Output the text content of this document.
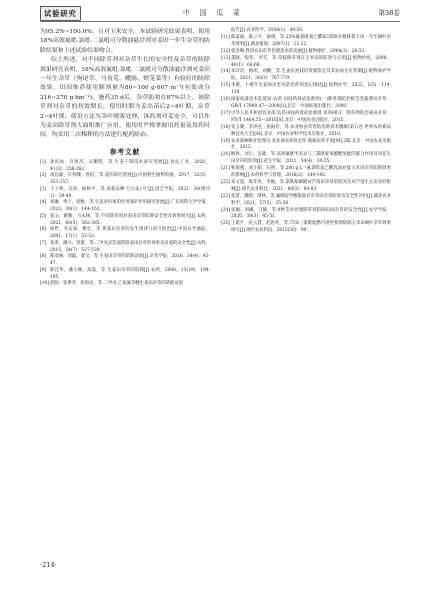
试验研究	中 国 瓜 菜	第38卷

为95.2%~100.0%，且对玉米安全。本试验研究结果表明，使用18%高效氟吡·氯吡·二氯吡可分散油悬浮剂对姜田一年生杂草的防除结果和上述试验结果吻合。

综上所述，对不同除草剂对杂草生长的安全性及杂草的防除效果研究表明，18%高效氟吡·氯吡·二氯吡可分散油悬浮剂对姜田一年生杂草（狗尾草、马齿苋、鳢肠、野苋菜等）有较好的防除效果，田间推荐使用制剂量为80~100 g·667 m⁻²(有效成分216~270 g·hm⁻²)。施药35 d后，杂草防效在87%以上，该除草剂对杂草的持效期长，使用时期为姜出苗后2~4叶期、杂草2~4叶期。使用方法为茎叶喷雾处理，该药剂对姜安全，可以作为姜田除草剂大面积推广应用，使用时严格掌握用药量及用药时间，均采用二次稀释的方法进行配药防治。

参考文献
[1] 孙滨如，宫致杰，宋鹏程，等.生姜干制技术研究进展[J].食品工业，2020，41(3)：258-262.
[2] 项信毅，许利珊，曾伯，等.姜的研究进展[J].中国野生植物资源，2017，32(5)：353-357.
[3] 王子桥，吴国，杨秋平，等.姜新品种'天白姜1号'[J].园艺学报，2021，30(增刊1)：39-40.
[4] 刘琳，黄宁，徐雅，等.生姜对机体的作用保护作用研究进展[J].广东药科大学学报，2023，39(1)：144-152.
[5] 张文，谢顺，马永林，等.不同除草剂对姜田杂草防除安全性及效果研究[J].农药，2021，60(5)：382-385.
[6] 杨哲，李安泰，曹宏，等.黄姜田杂草的发生规律与综合防治[J].中国农学通报，2001，17(1)：52-53.
[7] 张勇，潘兴，曾建，等.二甲戊灵乳油防除姜田杂草的效果及对姜的安全性[J].农药，2015，54(7)：537-539.
[8] 陈彦丽，刘聪，秦宝，等.生姜田杂草的防除试验[J].杂草学报，2016，34(4)：43-47.
[9] 陈佳华，潘小刚，高磊，等.生姜田杂草的防除[J].农药，2006，13(19)：194-195.
[10] 赵阳，张斯华，张海龙，等.二甲戊·乙氧氟草醚生姜田杂草的防除试验
报告[J].农业科学，2004(1)：48-50.
[11] 陈家丽，陈立平，薛俊，等.25%氟氯吡氧乙酸EC防除水稻移栽大田一年生阔叶杂草效果[J].湖北植保，2007(1)：21-22.
[12] 张泽琳.我国农田杂草治理技术的发展[J].植物保护，2004(2)：28-33.
[13] 董晓，程伟，李雪，等.草胺除草剂在玉米田的防效与应用[J].植物检疫，2008，40(1)：66-68.
[14] 朱玲玲，梅鸿，刘腾，等.生姜抗逆栽培资源鉴定及其抗病生化机制[J].植物保护学报，2021，30(3)：767-779.
[15] 李敬，卜惠年生姜病虫害及防治药剂登记现状[J].植物医学，2022，1(5)：114-119.
[16] 国家质量技术监督局.农药 田间药效试验准则(一)除草剂防治根茎类蔬菜田杂草：GB/T 17980.47—2000[S].北京：中国标准出版社，2000.
[17] 中华人民共和国农业部.农药田间药效试验准则 第39部分：除草剂防治姜田杂草：NY/T 1464.55—2016[S].北京：中国农业出版社，2015.
[18] 张玉聚，李洪连，张振臣，等.农业病虫草害防治新技术精解(第五卷 世界农药新品种技术大全)[M].北京：中国农业科学技术出版社，2010.
[19] 农业部种植业管理司.农业部农药检定所.新编农药手册[M].2版.北京：中国农业出版社，2015.
[20] 顾春，刘小，吴隆，等.高效氟吡甲禾灵与三氯吡啶氧醋酸复配的联合作用及对花生田杂草的防效[J].花生学报，2021，50(4)：30-35.
[21] 靳海燕，刘小阳，石照，等.200 g·L⁻¹氟氯吡氧乙酸乳油对夏玉米田杂草防除效果的影响[J].农药科学与管理，2016(2)：144-145.
[22] 朱文超，陈冬冬，李刚，等.氯吡嘧磺隆对芦蒿田杂草的防效及对芦蒿生长发育的影响[J].现代农业科技，2021，60(5)：80-83.
[23] 张慧，潘晓，谭林，等.氟吡啶甲酸胺盐对杂草田杂草防效及安全性评价[J].湖北农业科学，2021，57(5)：35-38.
[24] 张佩，刘曦，马静，等.9种茎叶处理除草剂防除田间杂草的安全性[J].农学学报，2020，38(3)：45-51.
[25] 王建平，张玉慧，赵思英，等.75%三氯吡啶醋可溶性粉剂防除玉米田阔叶杂草效果研究[J].现代农业科技，2015(20)：99.
·214·
